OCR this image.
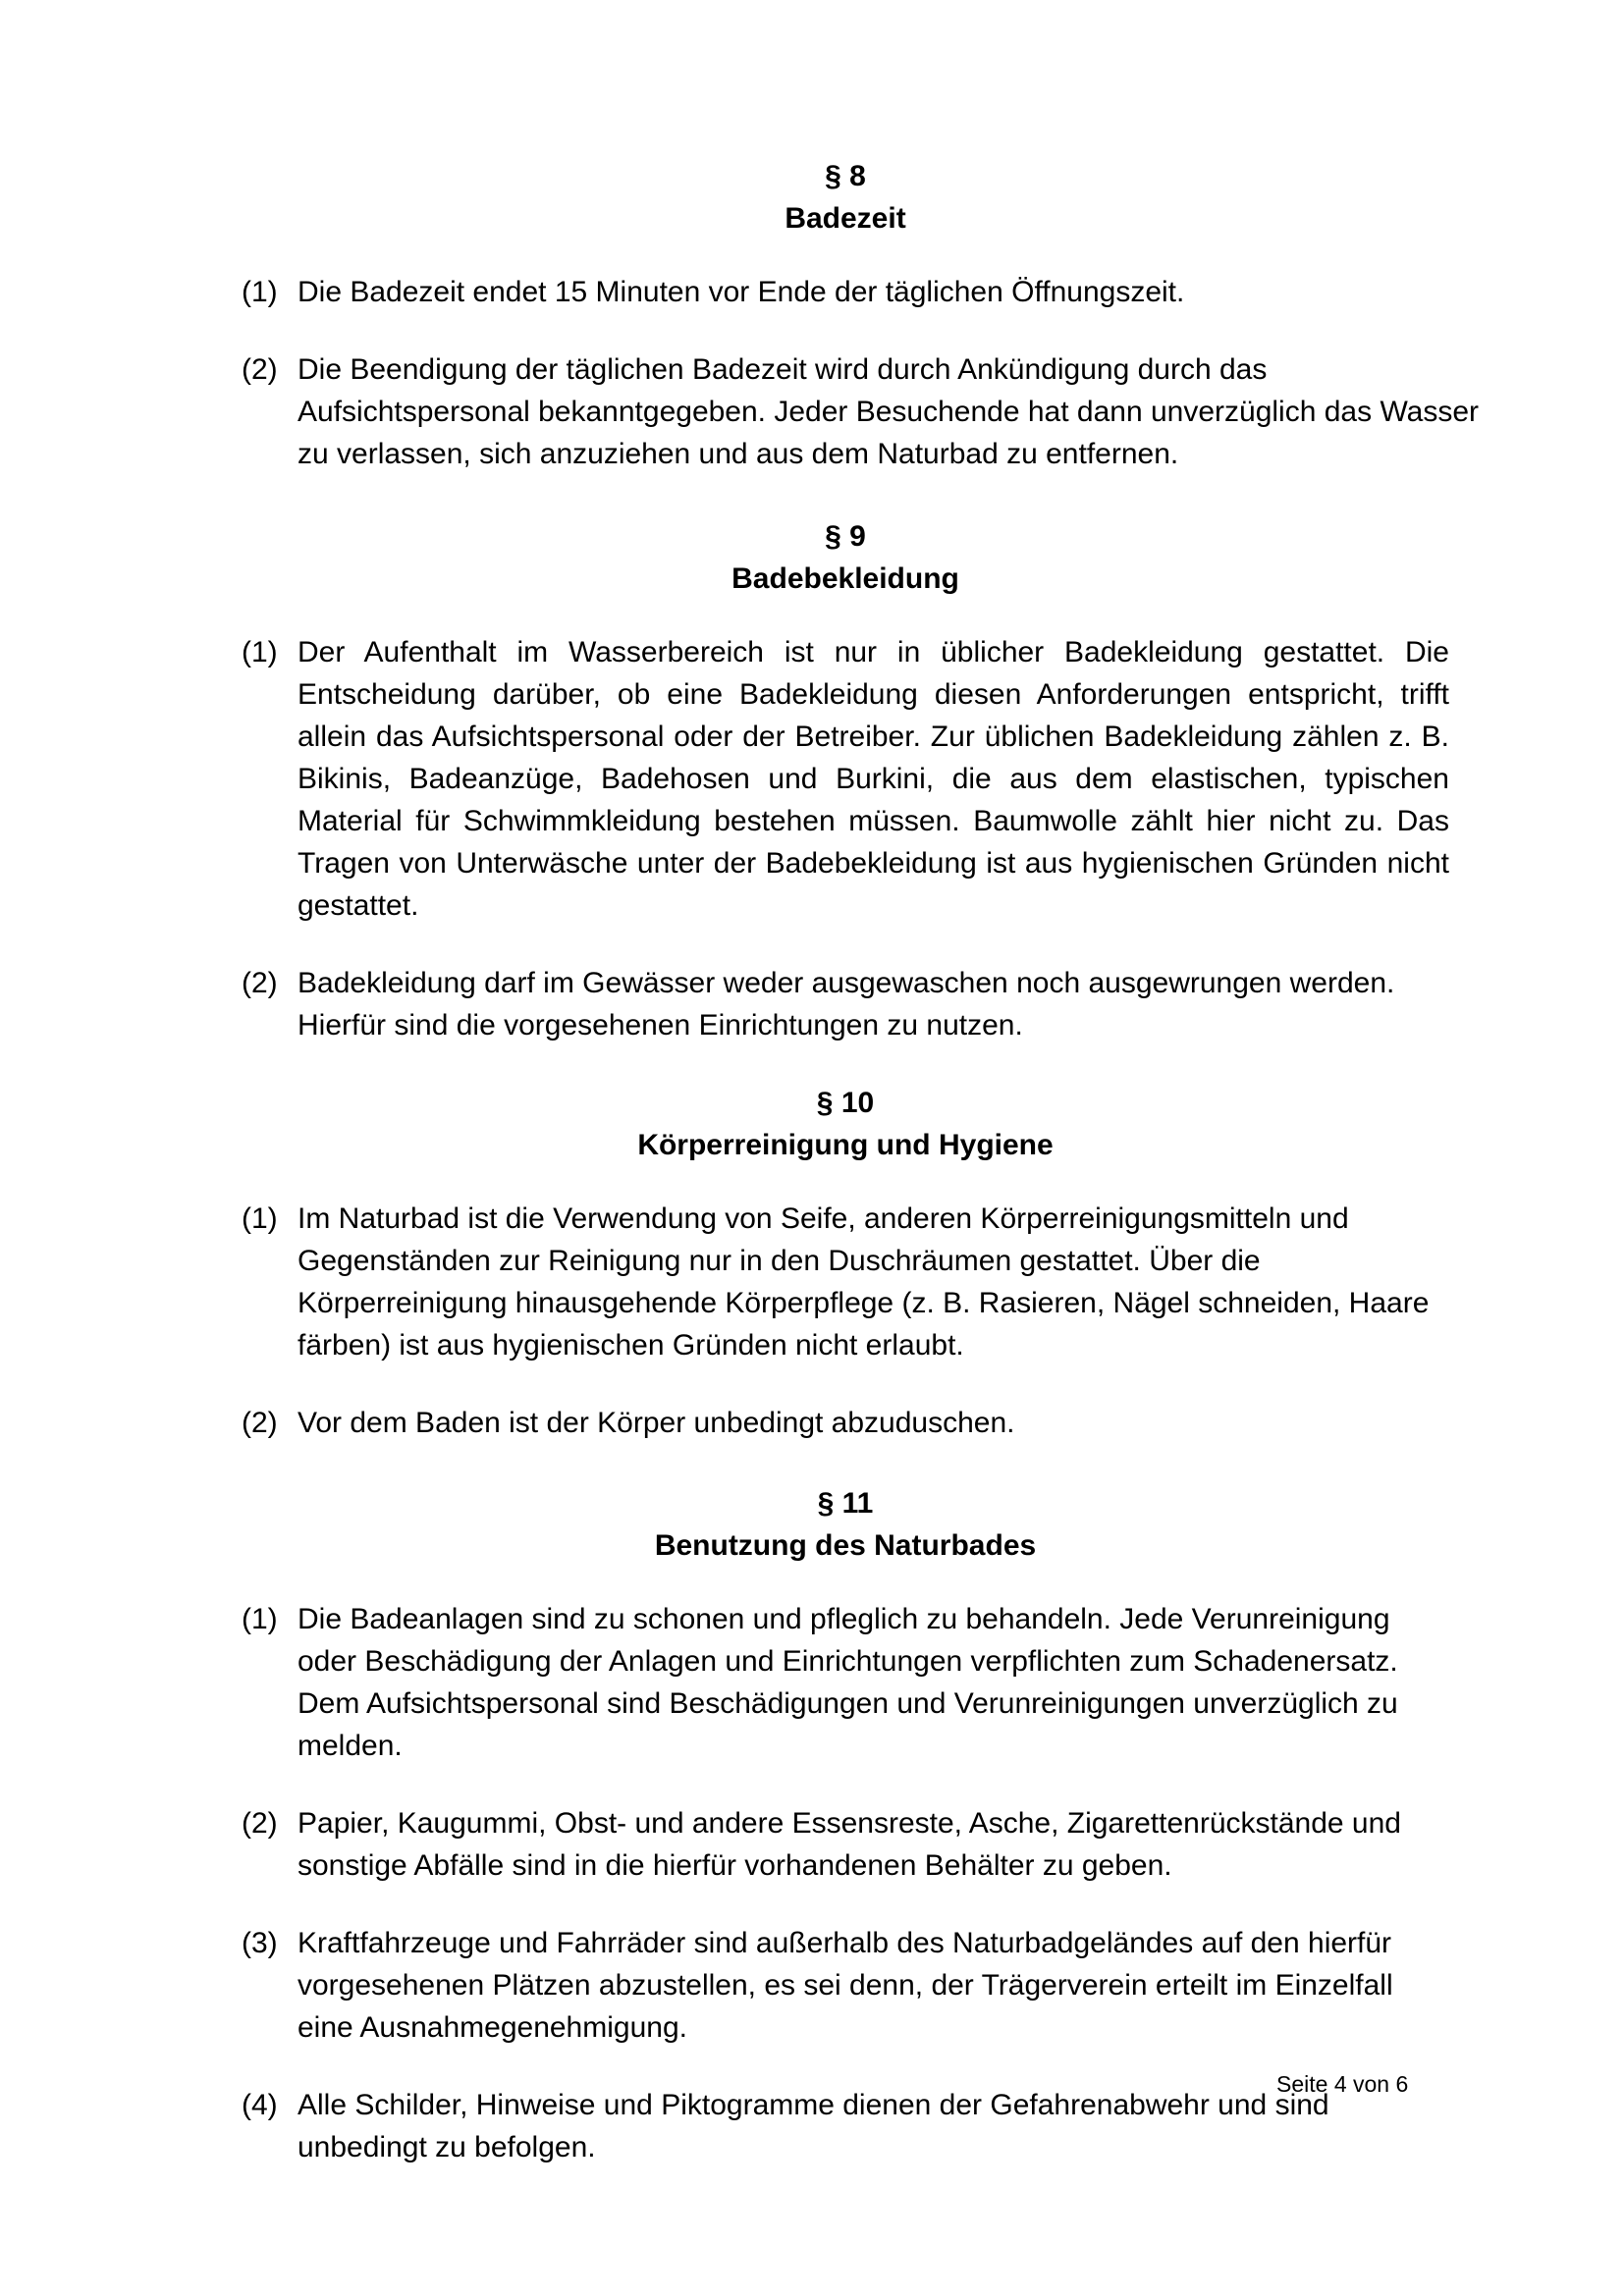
§ 8
Badezeit
(1) Die Badezeit endet 15 Minuten vor Ende der täglichen Öffnungszeit.
(2) Die Beendigung der täglichen Badezeit wird durch Ankündigung durch das Aufsichtspersonal bekanntgegeben. Jeder Besuchende hat dann unverzüglich das Wasser zu verlassen, sich anzuziehen und aus dem Naturbad zu entfernen.
§ 9
Badebekleidung
(1) Der Aufenthalt im Wasserbereich ist nur in üblicher Badekleidung gestattet. Die Entscheidung darüber, ob eine Badekleidung diesen Anforderungen entspricht, trifft allein das Aufsichtspersonal oder der Betreiber. Zur üblichen Badekleidung zählen z. B. Bikinis, Badeanzüge, Badehosen und Burkini, die aus dem elastischen, typischen Material für Schwimmkleidung bestehen müssen. Baumwolle zählt hier nicht zu. Das Tragen von Unterwäsche unter der Badebekleidung ist aus hygienischen Gründen nicht gestattet.
(2) Badekleidung darf im Gewässer weder ausgewaschen noch ausgewrungen werden. Hierfür sind die vorgesehenen Einrichtungen zu nutzen.
§ 10
Körperreinigung und Hygiene
(1) Im Naturbad ist die Verwendung von Seife, anderen Körperreinigungsmitteln und Gegenständen zur Reinigung nur in den Duschräumen gestattet. Über die Körperreinigung hinausgehende Körperpflege (z. B. Rasieren, Nägel schneiden, Haare färben) ist aus hygienischen Gründen nicht erlaubt.
(2) Vor dem Baden ist der Körper unbedingt abzuduschen.
§ 11
Benutzung des Naturbades
(1) Die Badeanlagen sind zu schonen und pfleglich zu behandeln. Jede Verunreinigung oder Beschädigung der Anlagen und Einrichtungen verpflichten zum Schadenersatz. Dem Aufsichtspersonal sind Beschädigungen und Verunreinigungen unverzüglich zu melden.
(2) Papier, Kaugummi, Obst- und andere Essensreste, Asche, Zigarettenrückstände und sonstige Abfälle sind in die hierfür vorhandenen Behälter zu geben.
(3) Kraftfahrzeuge und Fahrräder sind außerhalb des Naturbadgeländes auf den hierfür vorgesehenen Plätzen abzustellen, es sei denn, der Trägerverein erteilt im Einzelfall eine Ausnahmegenehmigung.
(4) Alle Schilder, Hinweise und Piktogramme dienen der Gefahrenabwehr und sind unbedingt zu befolgen.
Seite 4 von 6
